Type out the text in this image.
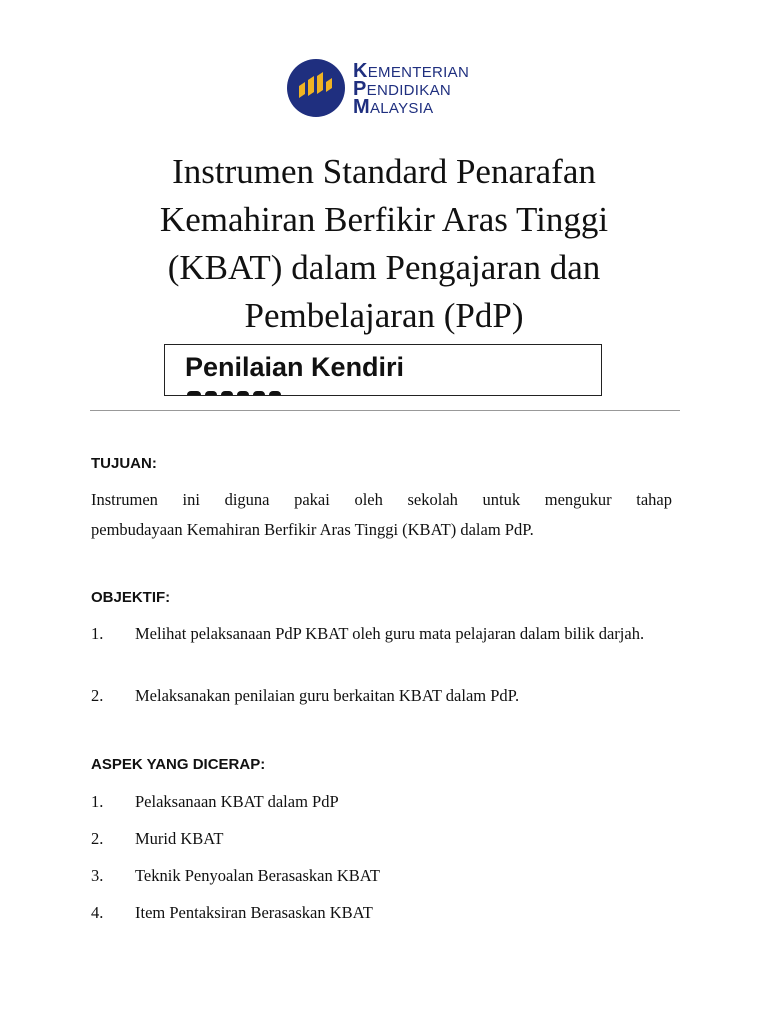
KEMENTERIAN
PENDIDIKAN
MALAYSIA
Instrumen Standard Penarafan
Kemahiran Berfikir Aras Tinggi
(KBAT) dalam Pengajaran dan
Pembelajaran (PdP)
Penilaian Kendiri
TUJUAN:
Instrumen ini diguna pakai oleh sekolah untuk mengukur tahap
pembudayaan Kemahiran Berfikir Aras Tinggi (KBAT) dalam PdP.
OBJEKTIF:
1. Melihat pelaksanaan PdP KBAT oleh guru mata pelajaran dalam bilik darjah.
2. Melaksanakan penilaian guru berkaitan KBAT dalam PdP.
ASPEK YANG DICERAP:
1. Pelaksanaan KBAT dalam PdP
2. Murid KBAT
3. Teknik Penyoalan Berasaskan KBAT
4. Item Pentaksiran Berasaskan KBAT
